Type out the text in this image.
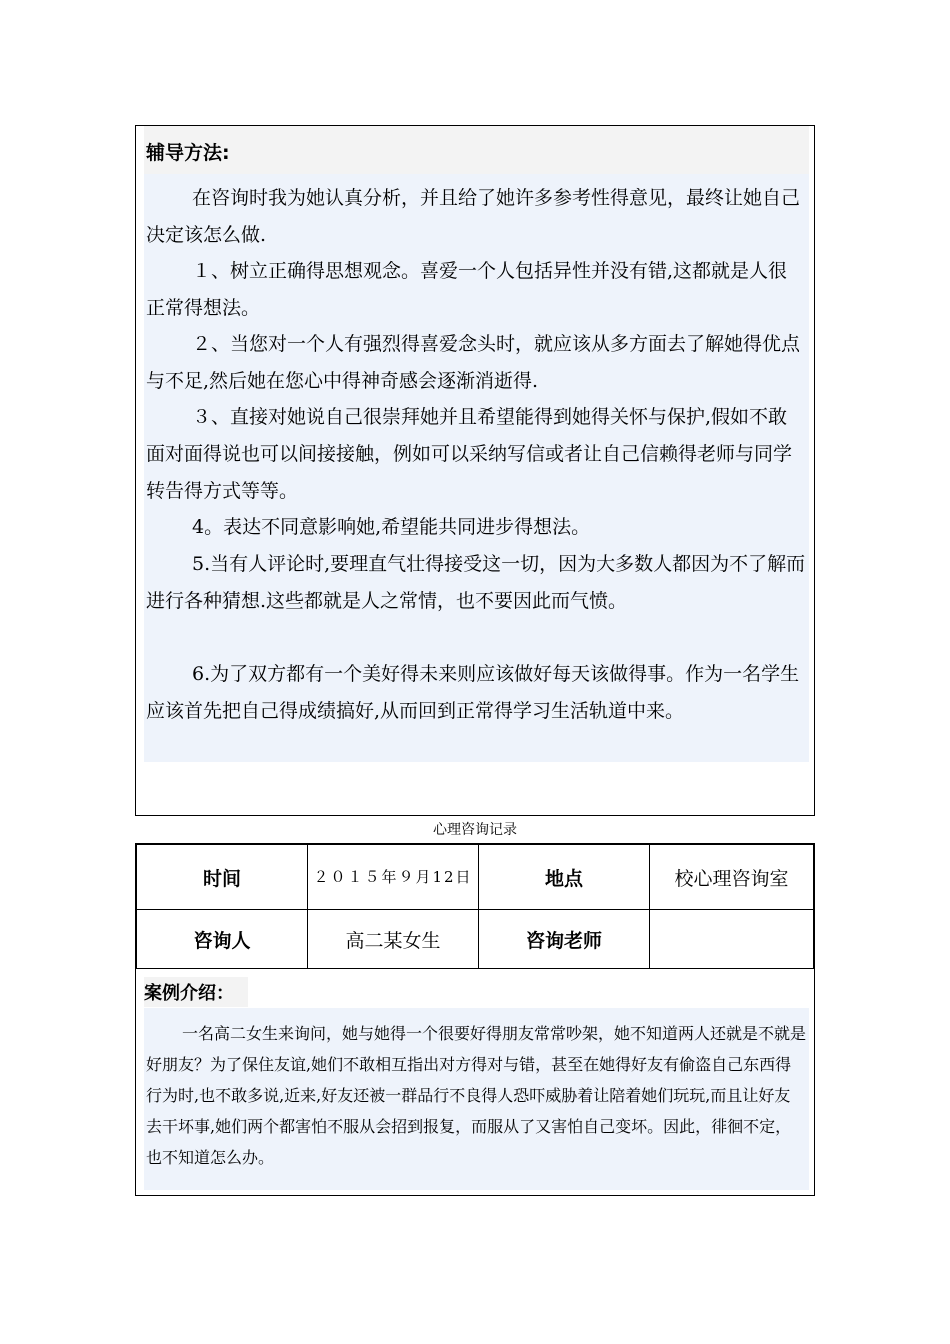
辅导方法:
在咨询时我为她认真分析，并且给了她许多参考性得意见，最终让她自己决定该怎么做.
１、树立正确得思想观念。喜爱一个人包括异性并没有错,这都就是人很正常得想法。
２、当您对一个人有强烈得喜爱念头时，就应该从多方面去了解她得优点与不足,然后她在您心中得神奇感会逐渐消逝得.
３、直接对她说自己很崇拜她并且希望能得到她得关怀与保护,假如不敢面对面得说也可以间接接触，例如可以采纳写信或者让自己信赖得老师与同学转告得方式等等。
4。表达不同意影响她,希望能共同进步得想法。
5.当有人评论时,要理直气壮得接受这一切，因为大多数人都因为不了解而进行各种猜想.这些都就是人之常情，也不要因此而气愤。
6.为了双方都有一个美好得未来则应该做好每天该做得事。作为一名学生应该首先把自己得成绩搞好,从而回到正常得学习生活轨道中来。
心理咨询记录
时间	２０１５年９月12日	地点	校心理咨询室
咨询人	高二某女生	咨询老师	
案例介绍：
一名高二女生来询问，她与她得一个很要好得朋友常常吵架，她不知道两人还就是不就是好朋友？为了保住友谊,她们不敢相互指出对方得对与错，甚至在她得好友有偷盗自己东西得行为时,也不敢多说,近来,好友还被一群品行不良得人恐吓威胁着让陪着她们玩玩,而且让好友去干坏事,她们两个都害怕不服从会招到报复，而服从了又害怕自己变坏。因此，徘徊不定，也不知道怎么办。
